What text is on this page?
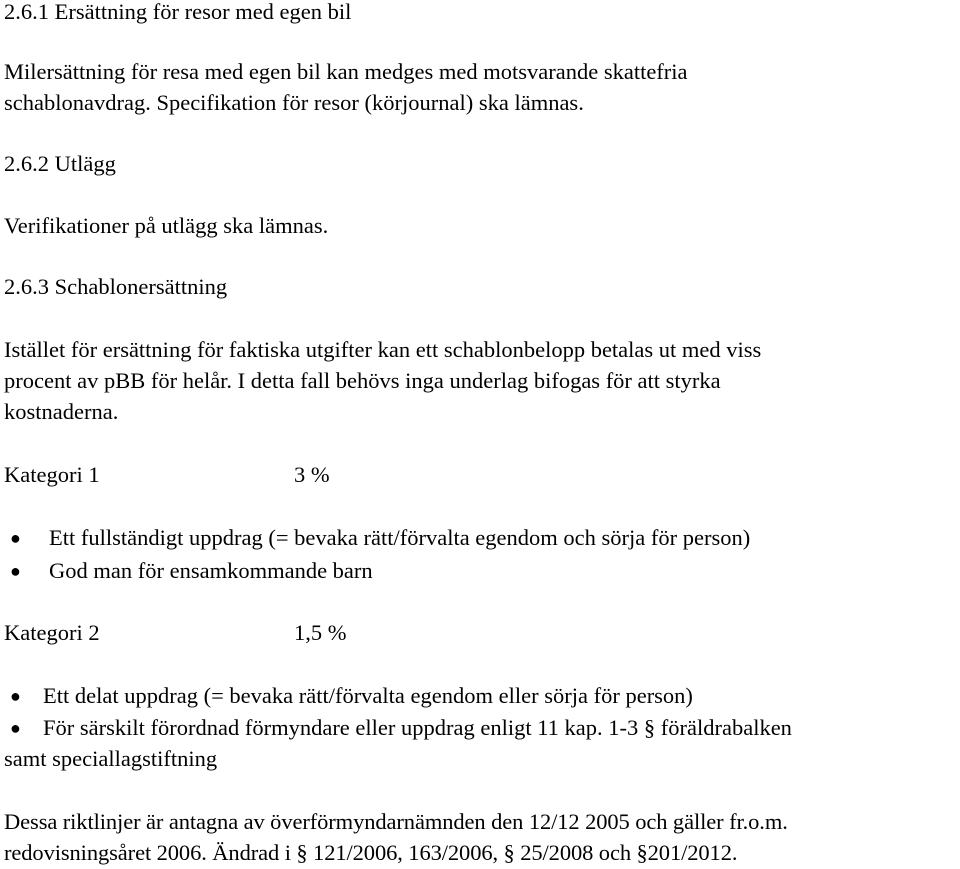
2.6.1 Ersättning för resor med egen bil
Milersättning för resa med egen bil kan medges med motsvarande skattefria
schablonavdrag. Specifikation för resor (körjournal) ska lämnas.
2.6.2 Utlägg
Verifikationer på utlägg ska lämnas.
2.6.3 Schablonersättning
Istället för ersättning för faktiska utgifter kan ett schablonbelopp betalas ut med viss
procent av pBB för helår. I detta fall behövs inga underlag bifogas för att styrka
kostnaderna.
Kategori 1	3 %
● Ett fullständigt uppdrag (= bevaka rätt/förvalta egendom och sörja för person)
● God man för ensamkommande barn
Kategori 2	1,5 %
● Ett delat uppdrag (= bevaka rätt/förvalta egendom eller sörja för person)
● För särskilt förordnad förmyndare eller uppdrag enligt 11 kap. 1-3 § föräldrabalken
samt speciallagstiftning
Dessa riktlinjer är antagna av överförmyndarnämnden den 12/12 2005 och gäller fr.o.m.
redovisningsåret 2006. Ändrad i § 121/2006, 163/2006, § 25/2008 och §201/2012.
